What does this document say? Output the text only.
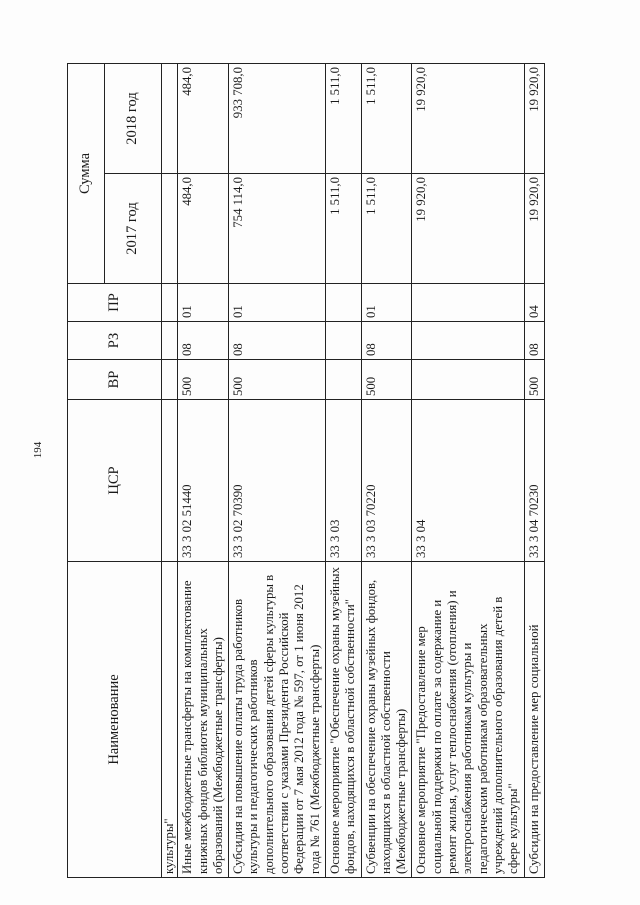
194
Наименование	ЦСР	ВР	РЗ	ПР	Сумма	
					2017 год	2018 год
культуры"						
Иные межбюджетные трансферты на комплектование книжных фондов библиотек муниципальных образований (Межбюджетные трансферты)	33 3 02 51440	500	08	01	484,0	484,0
Субсидия на повышение оплаты труда работников культуры и педагогических работников дополнительного образования детей сферы культуры в соответствии с указами Президента Российской Федерации от 7 мая 2012 года № 597, от 1 июня 2012 года № 761 (Межбюджетные трансферты)	33 3 02 70390	500	08	01	754 114,0	933 708,0
Основное мероприятие "Обеспечение охраны музейных фондов, находящихся в областной собственности"	33 3 03				1 511,0	1 511,0
Субвенции на обеспечение охраны музейных фондов, находящихся в областной собственности (Межбюджетные трансферты)	33 3 03 70220	500	08	01	1 511,0	1 511,0
Основное мероприятие "Предоставление мер социальной поддержки по оплате за содержание и ремонт жилья, услуг теплоснабжения (отопления) и электроснабжения работникам культуры и педагогическим работникам образовательных учреждений дополнительного образования детей в сфере культуры"	33 3 04				19 920,0	19 920,0
Субсидии на предоставление мер социальной	33 3 04 70230	500	08	04	19 920,0	19 920,0
